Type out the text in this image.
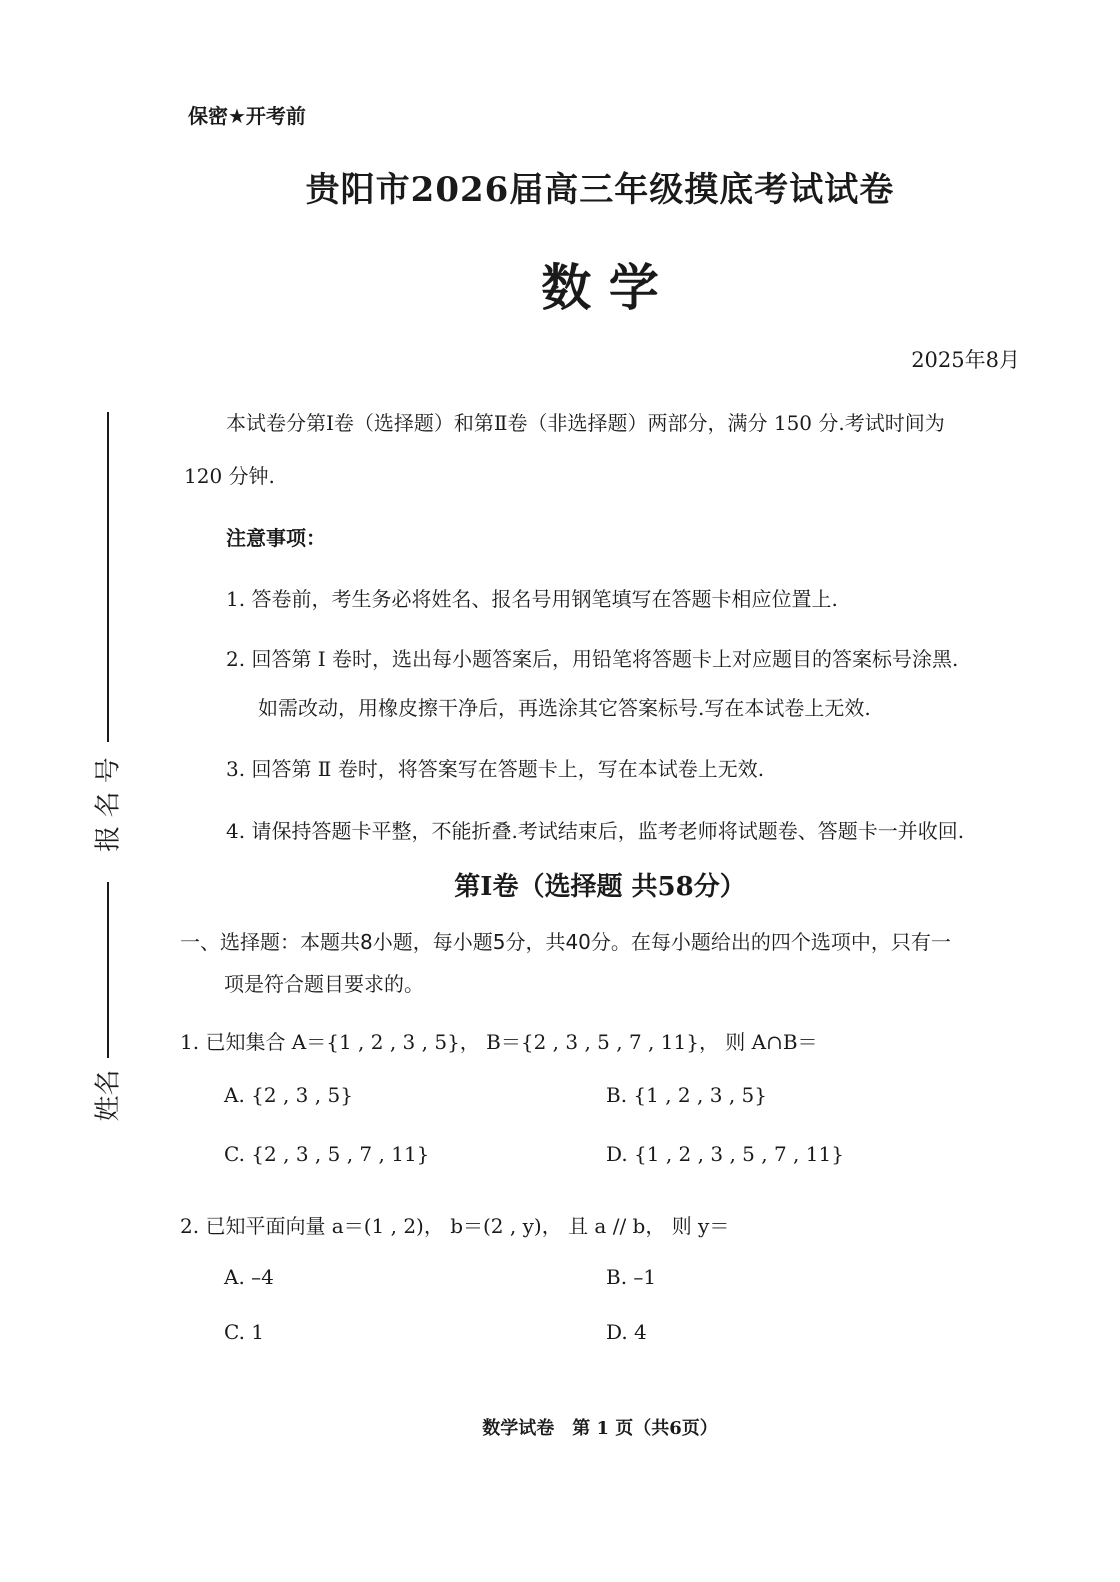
保密★开考前
贵阳市2026届高三年级摸底考试试卷
数 学
2025年8月
本试卷分第Ⅰ卷（选择题）和第Ⅱ卷（非选择题）两部分，满分 150 分.考试时间为
120 分钟.
注意事项：
1. 答卷前，考生务必将姓名、报名号用钢笔填写在答题卡相应位置上.
2. 回答第 Ⅰ 卷时，选出每小题答案后，用铅笔将答题卡上对应题目的答案标号涂黑.
如需改动，用橡皮擦干净后，再选涂其它答案标号.写在本试卷上无效.
3. 回答第 Ⅱ 卷时，将答案写在答题卡上，写在本试卷上无效.
4. 请保持答题卡平整，不能折叠.考试结束后，监考老师将试题卷、答题卡一并收回.
第Ⅰ卷（选择题 共58分）
一、选择题：本题共8小题，每小题5分，共40分。在每小题给出的四个选项中，只有一
项是符合题目要求的。
1. 已知集合 A＝{1 , 2 , 3 , 5}， B＝{2 , 3 , 5 , 7 , 11}， 则 A∩B＝
A. {2 , 3 , 5}	B. {1 , 2 , 3 , 5}
C. {2 , 3 , 5 , 7 , 11}	D. {1 , 2 , 3 , 5 , 7 , 11}
2. 已知平面向量 a＝(1 , 2)， b＝(2 , y)， 且 a // b， 则 y＝
A. –4	B. –1
C. 1	D. 4
报 名 号
姓名
数学试卷　第 1 页（共6页）
